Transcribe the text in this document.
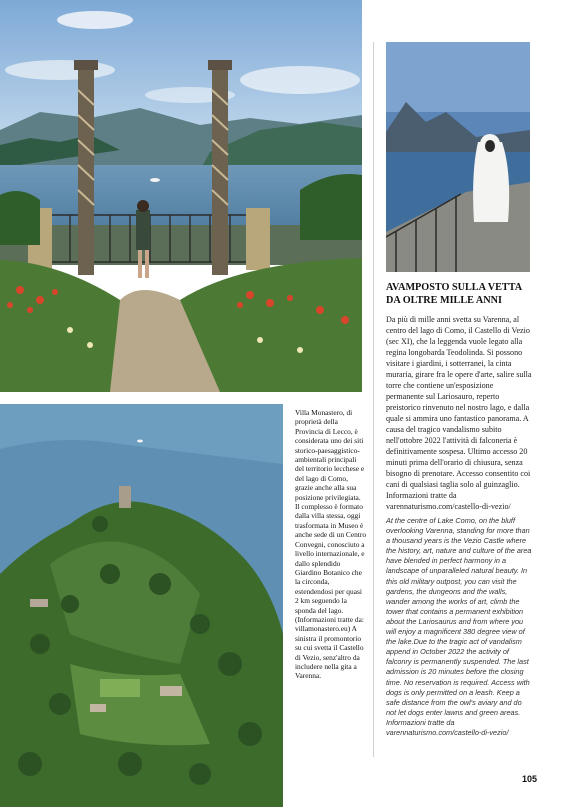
Villa Monastero, di proprietà della Provincia di Lecco, è considerata uno dei siti storico-paesaggistico-ambientali principali del territorio lecchese e del lago di Como, grazie anche alla sua posizione privilegiata. Il complesso è formato dalla villa stessa, oggi trasformata in Museo è anche sede di un Centro Convegni, conosciuto a livello internazionale, e dallo splendido Giardino Botanico che la circonda, estendendosi per quasi 2 km seguendo la sponda del lago. (Informazioni tratte da: villamonastero.eu) A sinistra il promontorio su cui svetta il Castello di Vezio, senz'altro da includere nella gita a Varenna.
AVAMPOSTO SULLA VETTA DA OLTRE MILLE ANNI

Da più di mille anni svetta su Varenna, al centro del lago di Como, il Castello di Vezio (sec XI), che la leggenda vuole legato alla regina longobarda Teodolinda. Si possono visitare i giardini, i sotterranei, la cinta muraria, girare fra le opere d'arte, salire sulla torre che contiene un'esposizione permanente sul Lariosauro, reperto preistorico rinvenuto nel nostro lago, e dalla quale si ammira uno fantastico panorama. A causa del tragico vandalismo subito nell'ottobre 2022 l'attività di falconeria è definitivamente sospesa. Ultimo accesso 20 minuti prima dell'orario di chiusura, senza bisogno di prenotare. Accesso consentito coi cani di qualsiasi taglia solo al guinzaglio. Informazioni tratte da varennaturismo.com/castello-di-vezio/

At the centre of Lake Como, on the bluff overlooking Varenna, standing for more than a thousand years is the Vezio Castle where the history, art, nature and culture of the area have blended in perfect harmony in a landscape of unparalleled natural beauty. In this old military outpost, you can visit the gardens, the dungeons and the walls, wander among the works of art, climb the tower that contains a permanent exhibition about the Lariosaurus and from where you will enjoy a magnificent 380 degree view of the lake.Due to the tragic act of vandalism append in October 2022 the activity of falconry is permanently suspended. The last admission is 20 minutes before the closing time. No reservation is required. Access with dogs is only permitted on a leash. Keep a safe distance from the owl's aviary and do not let dogs enter lawns and green areas. Informazioni tratte da varennaturismo.com/castello-di-vezio/

105
